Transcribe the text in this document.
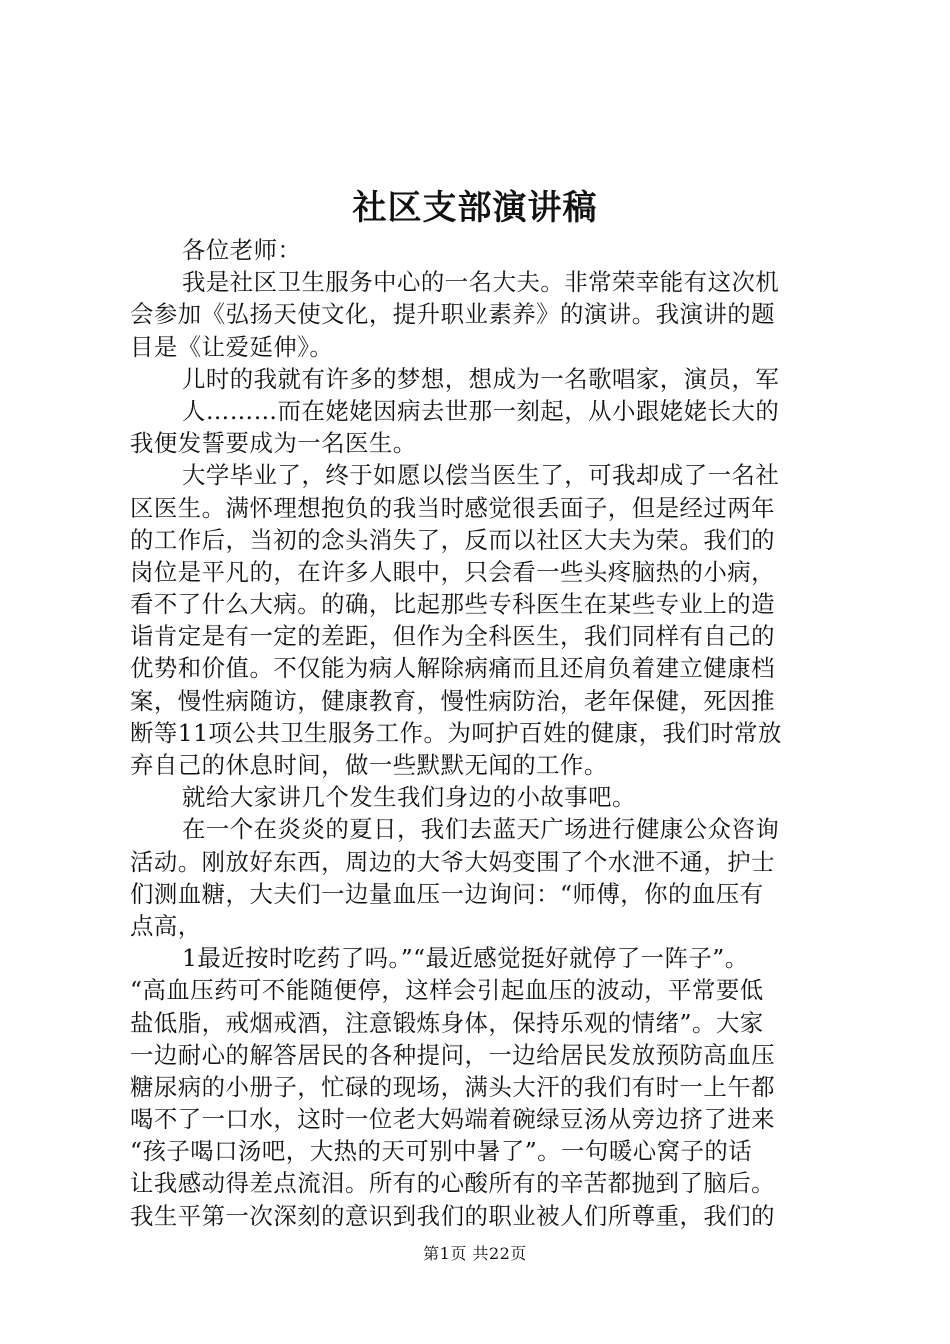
社区支部演讲稿
各位老师：
我是社区卫生服务中心的一名大夫。非常荣幸能有这次机
会参加《弘扬天使文化，提升职业素养》的演讲。我演讲的题
目是《让爱延伸》。
儿时的我就有许多的梦想，想成为一名歌唱家，演员，军
人………而在姥姥因病去世那一刻起，从小跟姥姥长大的
我便发誓要成为一名医生。
大学毕业了，终于如愿以偿当医生了，可我却成了一名社
区医生。满怀理想抱负的我当时感觉很丢面子，但是经过两年
的工作后，当初的念头消失了，反而以社区大夫为荣。我们的
岗位是平凡的，在许多人眼中，只会看一些头疼脑热的小病，
看不了什么大病。的确，比起那些专科医生在某些专业上的造
诣肯定是有一定的差距，但作为全科医生，我们同样有自己的
优势和价值。不仅能为病人解除病痛而且还肩负着建立健康档
案，慢性病随访，健康教育，慢性病防治，老年保健，死因推
断等11项公共卫生服务工作。为呵护百姓的健康，我们时常放
弃自己的休息时间，做一些默默无闻的工作。
就给大家讲几个发生我们身边的小故事吧。
在一个在炎炎的夏日，我们去蓝天广场进行健康公众咨询
活动。刚放好东西，周边的大爷大妈变围了个水泄不通，护士
们测血糖，大夫们一边量血压一边询问：“师傅，你的血压有
点高，
1最近按时吃药了吗。”“最近感觉挺好就停了一阵子”。
“高血压药可不能随便停，这样会引起血压的波动，平常要低
盐低脂，戒烟戒酒，注意锻炼身体，保持乐观的情绪”。大家
一边耐心的解答居民的各种提问，一边给居民发放预防高血压
糖尿病的小册子，忙碌的现场，满头大汗的我们有时一上午都
喝不了一口水，这时一位老大妈端着碗绿豆汤从旁边挤了进来
“孩子喝口汤吧，大热的天可别中暑了”。一句暖心窝子的话
让我感动得差点流泪。所有的心酸所有的辛苦都抛到了脑后。
我生平第一次深刻的意识到我们的职业被人们所尊重，我们的
第1页 共22页
